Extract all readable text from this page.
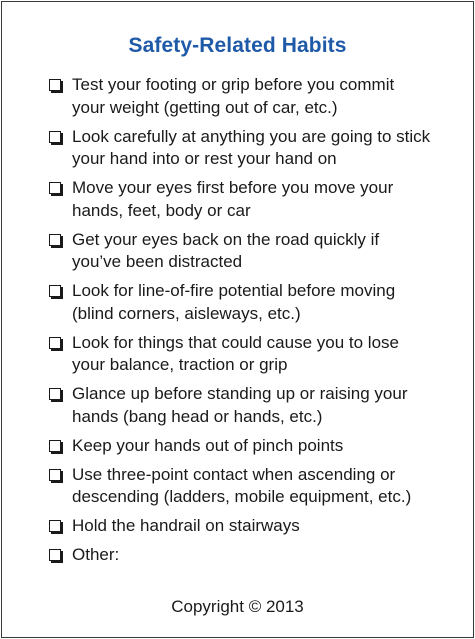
Safety-Related Habits
Test your footing or grip before you commit
your weight (getting out of car, etc.)
Look carefully at anything you are going to stick
your hand into or rest your hand on
Move your eyes first before you move your
hands, feet, body or car
Get your eyes back on the road quickly if
you’ve been distracted
Look for line-of-fire potential before moving
(blind corners, aisleways, etc.)
Look for things that could cause you to lose
your balance, traction or grip
Glance up before standing up or raising your
hands (bang head or hands, etc.)
Keep your hands out of pinch points
Use three-point contact when ascending or
descending (ladders, mobile equipment, etc.)
Hold the handrail on stairways
Other:
Copyright © 2013
